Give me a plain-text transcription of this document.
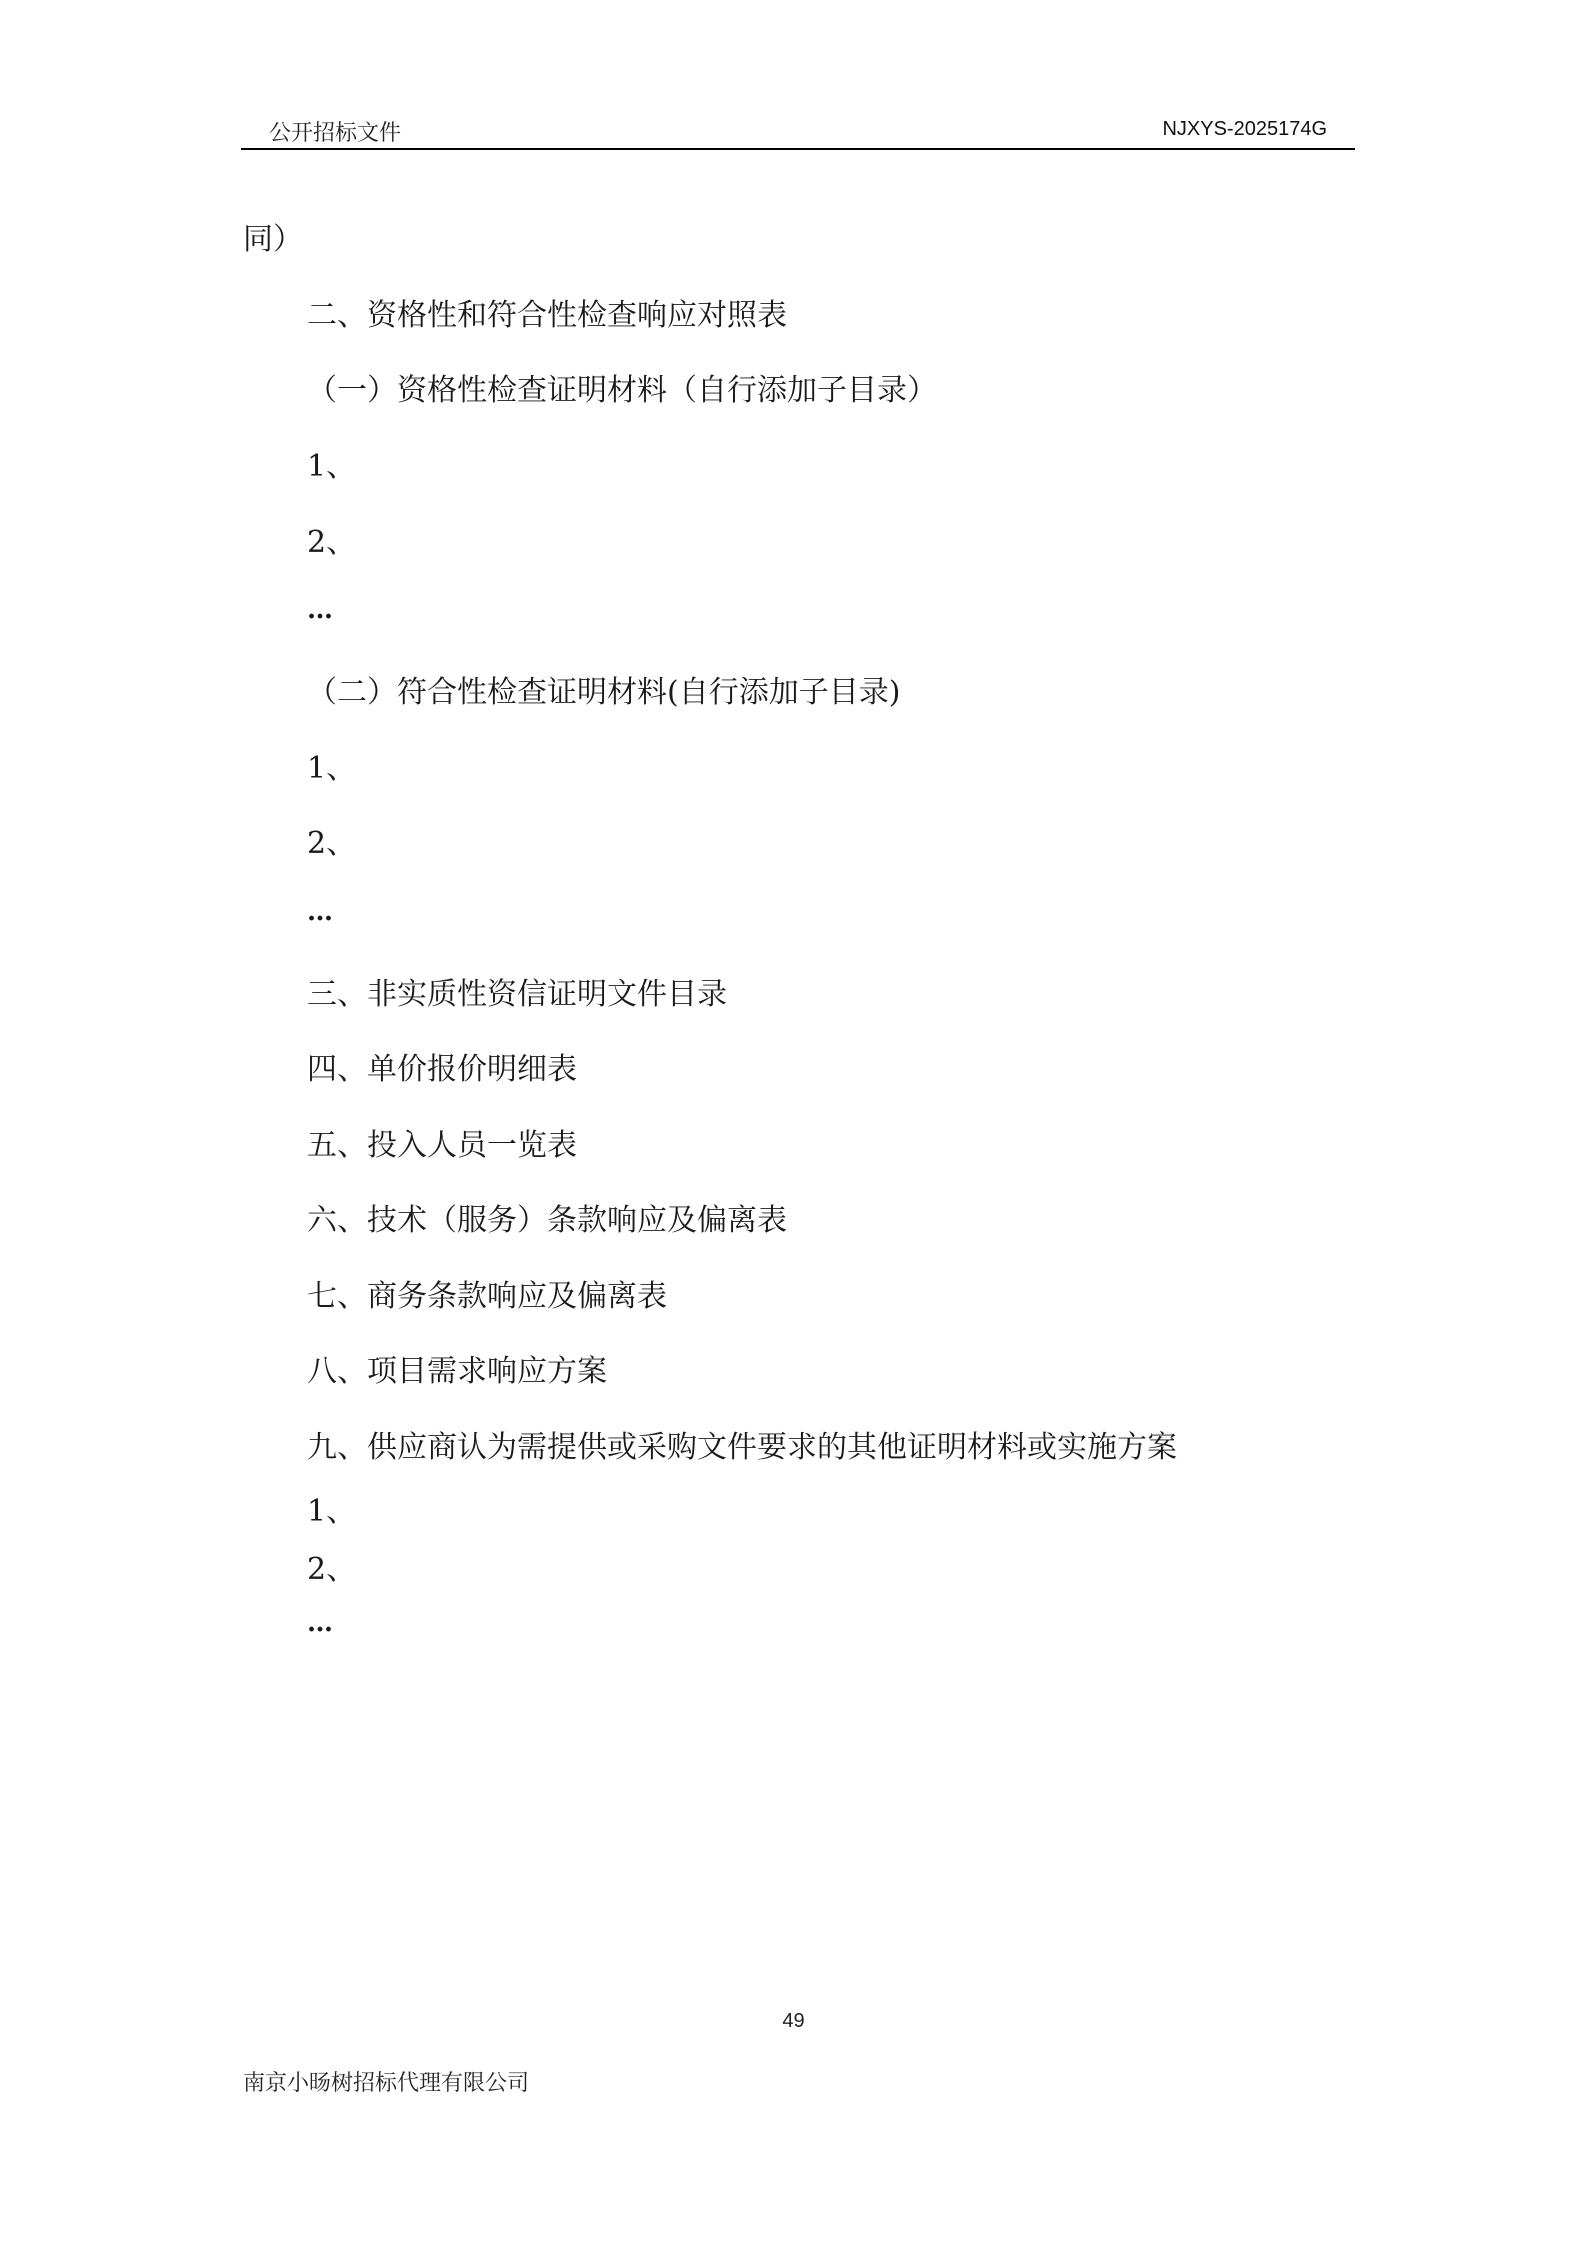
公开招标文件	NJXYS-2025174G
同）
二、资格性和符合性检查响应对照表
（一）资格性检查证明材料（自行添加子目录）
1、
2、
…
（二）符合性检查证明材料(自行添加子目录)
1、
2、
…
三、非实质性资信证明文件目录
四、单价报价明细表
五、投入人员一览表
六、技术（服务）条款响应及偏离表
七、商务条款响应及偏离表
八、项目需求响应方案
九、供应商认为需提供或采购文件要求的其他证明材料或实施方案
1、
2、
…
49
南京小旸树招标代理有限公司
